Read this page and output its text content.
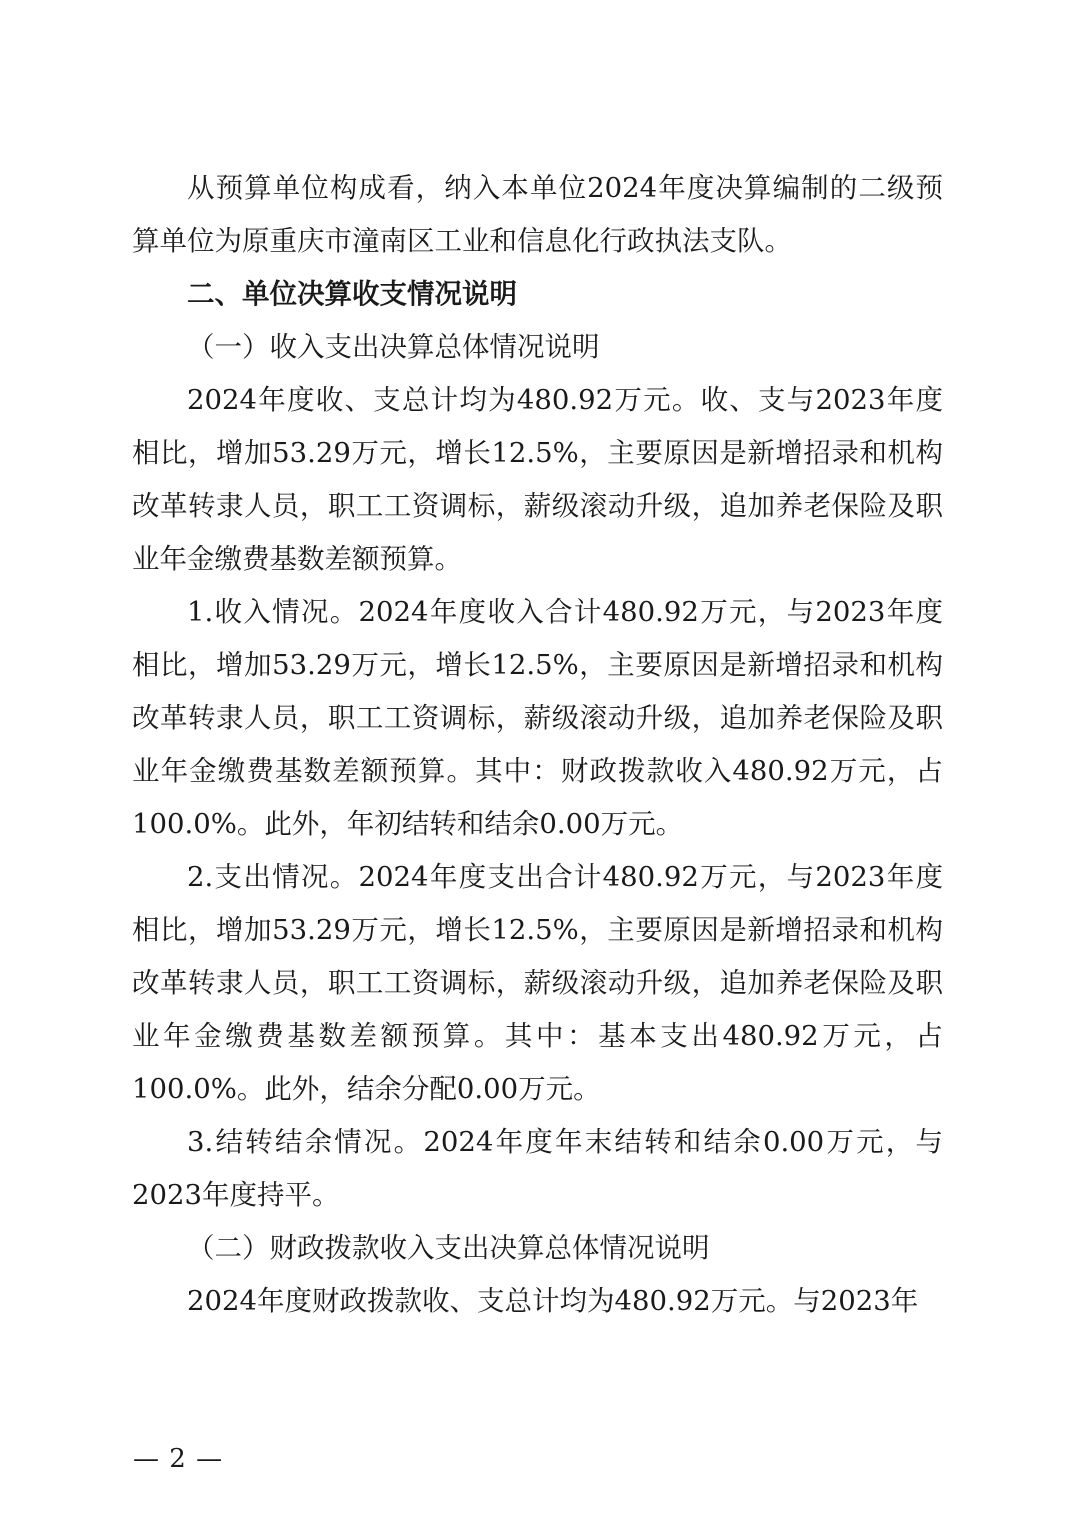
从预算单位构成看，纳入本单位2024年度决算编制的二级预算单位为原重庆市潼南区工业和信息化行政执法支队。

二、单位决算收支情况说明

（一）收入支出决算总体情况说明

2024年度收、支总计均为480.92万元。收、支与2023年度相比，增加53.29万元，增长12.5%，主要原因是新增招录和机构改革转隶人员，职工工资调标，薪级滚动升级，追加养老保险及职业年金缴费基数差额预算。

1.收入情况。2024年度收入合计480.92万元，与2023年度相比，增加53.29万元，增长12.5%，主要原因是新增招录和机构改革转隶人员，职工工资调标，薪级滚动升级，追加养老保险及职业年金缴费基数差额预算。其中：财政拨款收入480.92万元，占100.0%。此外，年初结转和结余0.00万元。

2.支出情况。2024年度支出合计480.92万元，与2023年度相比，增加53.29万元，增长12.5%，主要原因是新增招录和机构改革转隶人员，职工工资调标，薪级滚动升级，追加养老保险及职业年金缴费基数差额预算。其中：基本支出480.92万元，占100.0%。此外，结余分配0.00万元。

3.结转结余情况。2024年度年末结转和结余0.00万元，与2023年度持平。

（二）财政拨款收入支出决算总体情况说明

2024年度财政拨款收、支总计均为480.92万元。与2023年

— 2 —
